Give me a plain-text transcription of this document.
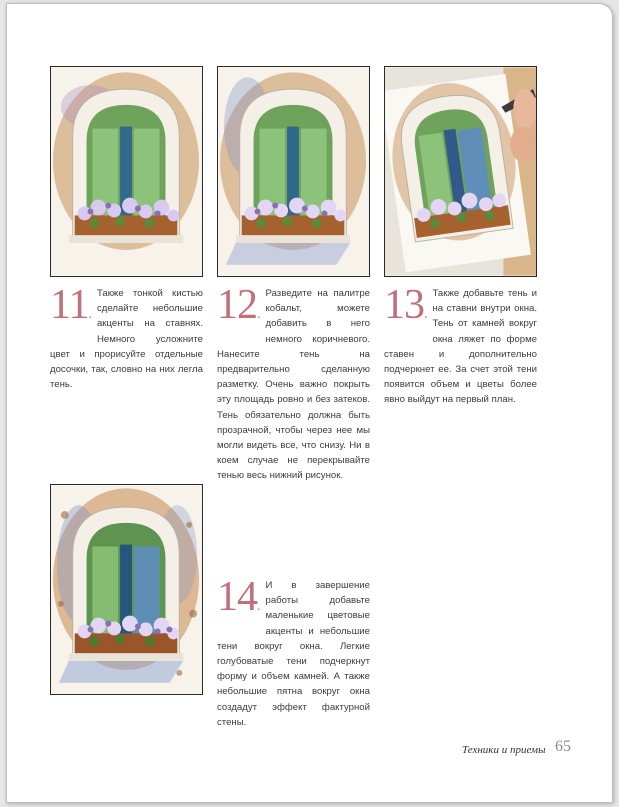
11.
Также тонкой кистью сделайте небольшие акценты на ставнях. Немного усложните цвет и прорисуйте отдельные досочки, так, словно на них легла тень.
12.
Разведите на палитре кобальт, можете добавить в него немного коричневого. Нанесите тень на предварительно сделанную разметку. Очень важно покрыть эту площадь ровно и без затеков. Тень обязательно должна быть прозрачной, чтобы через нее мы могли видеть все, что снизу. Ни в коем случае не перекрывайте тенью весь нижний рисунок.
13.
Также добавьте тень и на ставни внутри окна. Тень от камней вокруг окна ляжет по форме ставен и дополнительно подчеркнет ее. За счет этой тени появится объем и цветы более явно выйдут на первый план.
14.
И в завершение работы добавьте маленькие цветовые акценты и небольшие тени вокруг окна. Легкие голубоватые тени подчеркнут форму и объем камней. А также небольшие пятна вокруг окна создадут эффект фактурной стены.
Техники и приемы 65
